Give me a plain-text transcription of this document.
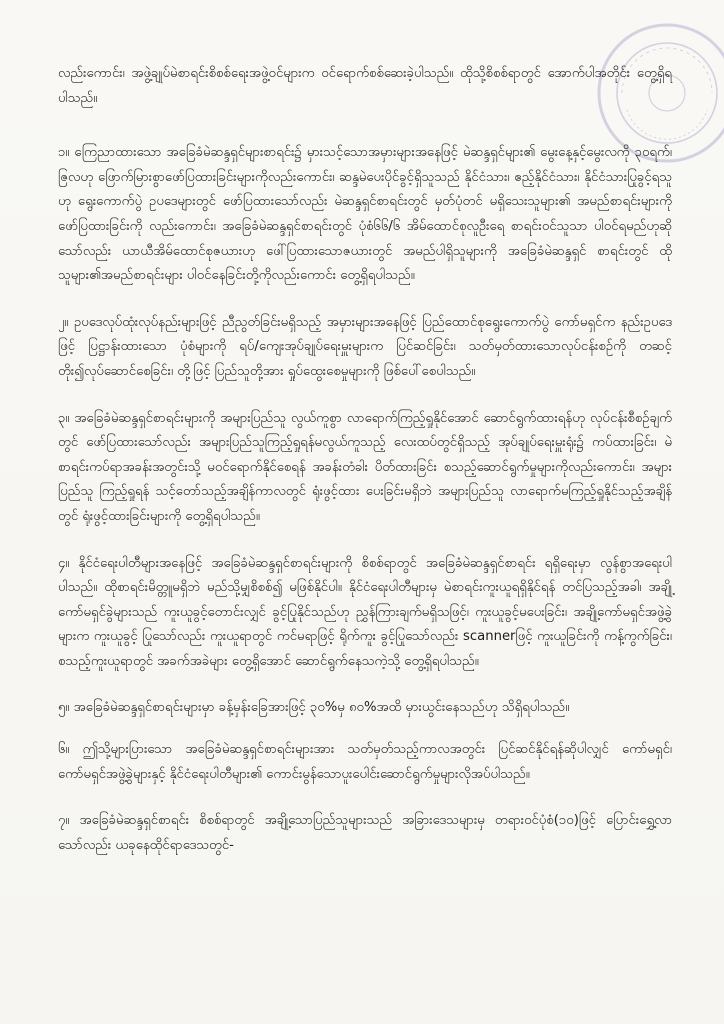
လည်းကောင်း၊ အဖွဲ့ချုပ်မဲစာရင်းစိစစ်ရေးအဖွဲ့ဝင်များက ဝင်ရောက်စစ်ဆေးခဲ့ပါသည်။ ထိုသို့စိစစ်ရာတွင် အောက်ပါအတိုင်း တွေ့ရှိရပါသည်။

၁။ ကြေညာထားသော အခြေခံမဲဆန္ဒရှင်များစာရင်း၌ မှားသင့်သောအမှားများအနေဖြင့် မဲဆန္ဒရှင်များ၏ မွေးနေ့နှင့်မွေးလကို ၃၀ရက်၊ ဇြလဟု ဖြောက်မြားစွာဖော်ပြထားခြင်းများကိုလည်းကောင်း၊ ဆန္ဒမဲပေးပိုင်ခွင့်ရှိသူသည် နိုင်ငံသား၊ ဧည့်နိုင်ငံသား၊ နိုင်ငံသားပြုခွင့်ရသူဟု ရွေးကောက်ပွဲ ဥပဒေများတွင် ဖော်ပြထားသော်လည်း မဲဆန္ဒရှင်စာရင်းတွင် မှတ်ပုံတင် မရှိသေးသူများ၏ အမည်စာရင်းများကို ဖော်ပြထားခြင်းကို လည်းကောင်း၊ အခြေခံမဲဆန္ဒရှင်စာရင်းတွင် ပုံစံ၆၆/၆ အိမ်ထောင်စုလူဦးရေ စာရင်းဝင်သူသာ ပါဝင်ရမည်ဟုဆိုသော်လည်း ယာယီအိမ်ထောင်စုဇယားဟု ဖေါ်ပြထားသောဇယားတွင် အမည်ပါရှိသူများကို အခြေခံမဲဆန္ဒရှင် စာရင်းတွင် ထိုသူများ၏အမည်စာရင်းများ ပါဝင်နေခြင်းတို့ကိုလည်းကောင်း တွေ့ရှိရပါသည်။

၂။ ဥပဒေလုပ်ထုံးလုပ်နည်းများဖြင့် ညီညွတ်ခြင်းမရှိသည့် အမှားများအနေဖြင့် ပြည်ထောင်စုရွေးကောက်ပွဲ ကော်မရှင်က နည်းဥပဒေဖြင့် ပြဋ္ဌာန်းထားသော ပုံစံများကို ရပ်/ကျေးအုပ်ချုပ်ရေးမှူးများက ပြင်ဆင်ခြင်း၊ သတ်မှတ်ထားသောလုပ်ငန်းစဉ်ကို တဆင့်တိုး၍လုပ်ဆောင်စေခြင်း၊ တို့ဖြင့် ပြည်သူတို့အား ရှုပ်ထွေးစေမှုများကို ဖြစ်ပေါ်စေပါသည်။

၃။ အခြေခံမဲဆန္ဒရှင်စာရင်းများကို အများပြည်သူ လွယ်ကူစွာ လာရောက်ကြည့်ရှုနိုင်အောင် ဆောင်ရွက်ထားရန်ဟု လုပ်ငန်းစီစဉ်ချက်တွင် ဖော်ပြထားသော်လည်း အများပြည်သူကြည့်ရှုရန်မလွယ်ကူသည့် လေးထပ်တွင်ရှိသည့် အုပ်ချုပ်ရေးမှူးရုံး၌ ကပ်ထားခြင်း၊ မဲစာရင်းကပ်ရာအခန်းအတွင်းသို့ မဝင်ရောက်နိုင်စေရန် အခန်းတံခါး ပိတ်ထားခြင်း စသည့်ဆောင်ရွက်မှုများကိုလည်းကောင်း၊ အများပြည်သူ ကြည့်ရှုရန် သင့်တော်သည့်အချိန်ကာလတွင် ရုံးဖွင့်ထား ပေးခြင်းမရှိဘဲ အများပြည်သူ လာရောက်မကြည့်ရှုနိုင်သည့်အချိန်တွင် ရုံးဖွင့်ထားခြင်းများကို တွေ့ရှိရပါသည်။

၄။ နိုင်ငံရေးပါတီများအနေဖြင့် အခြေခံမဲဆန္ဒရှင်စာရင်းများကို စိစစ်ရာတွင် အခြေခံမဲဆန္ဒရှင်စာရင်း ရရှိရေးမှာ လွန်စွာအရေးပါပါသည်။ ထိုစာရင်းမိတ္တူမရှိဘဲ မည်သို့မျှစိစစ်၍ မဖြစ်နိုင်ပါ။ နိုင်ငံရေးပါတီများမှ မဲစာရင်းကူးယူရရှိနိုင်ရန် တင်ပြသည့်အခါ၊ အချို့ကော်မရှင်ခွဲများသည် ကူးယူခွင့်တောင်းလျှင် ခွင့်ပြုနိုင်သည်ဟု ညွှန်ကြားချက်မရှိသဖြင့်၊ ကူးယူခွင့်မပေးခြင်း၊ အချို့ကော်မရှင်အဖွဲ့ခွဲများက ကူးယူခွင့် ပြုသော်လည်း ကူးယူရာတွင် ကင်မရာဖြင့် ရိုက်ကူး ခွင့်ပြုသော်လည်း scannerဖြင့် ကူးယူခြင်းကို ကန့်ကွက်ခြင်း၊ စသည့်ကူးယူရာတွင် အခက်အခဲများ တွေ့ရှိအောင် ဆောင်ရွက်နေသကဲ့သို့ တွေ့ရှိရပါသည်။

၅။ အခြေခံမဲဆန္ဒရှင်စာရင်းများမှာ ခန့်မှန်းခြေအားဖြင့် ၃၀%မှ ၈၀%အထိ မှားယွင်းနေသည်ဟု သိရှိရပါသည်။

၆။ ဤသို့များပြားသော အခြေခံမဲဆန္ဒရှင်စာရင်းများအား သတ်မှတ်သည့်ကာလအတွင်း ပြင်ဆင်နိုင်ရန်ဆိုပါလျှင် ကော်မရှင်၊ ကော်မရှင်အဖွဲ့ခွဲများနှင့် နိုင်ငံရေးပါတီများ၏ ကောင်းမွန်သောပူးပေါင်းဆောင်ရွက်မှုများလိုအပ်ပါသည်။

၇။ အခြေခံမဲဆန္ဒရှင်စာရင်း စိစစ်ရာတွင် အချို့သောပြည်သူများသည် အခြားဒေသများမှ တရားဝင်ပုံစံ(၁၀)ဖြင့် ပြောင်းရွှေ့လာသော်လည်း ယခုနေထိုင်ရာဒေသတွင်-
